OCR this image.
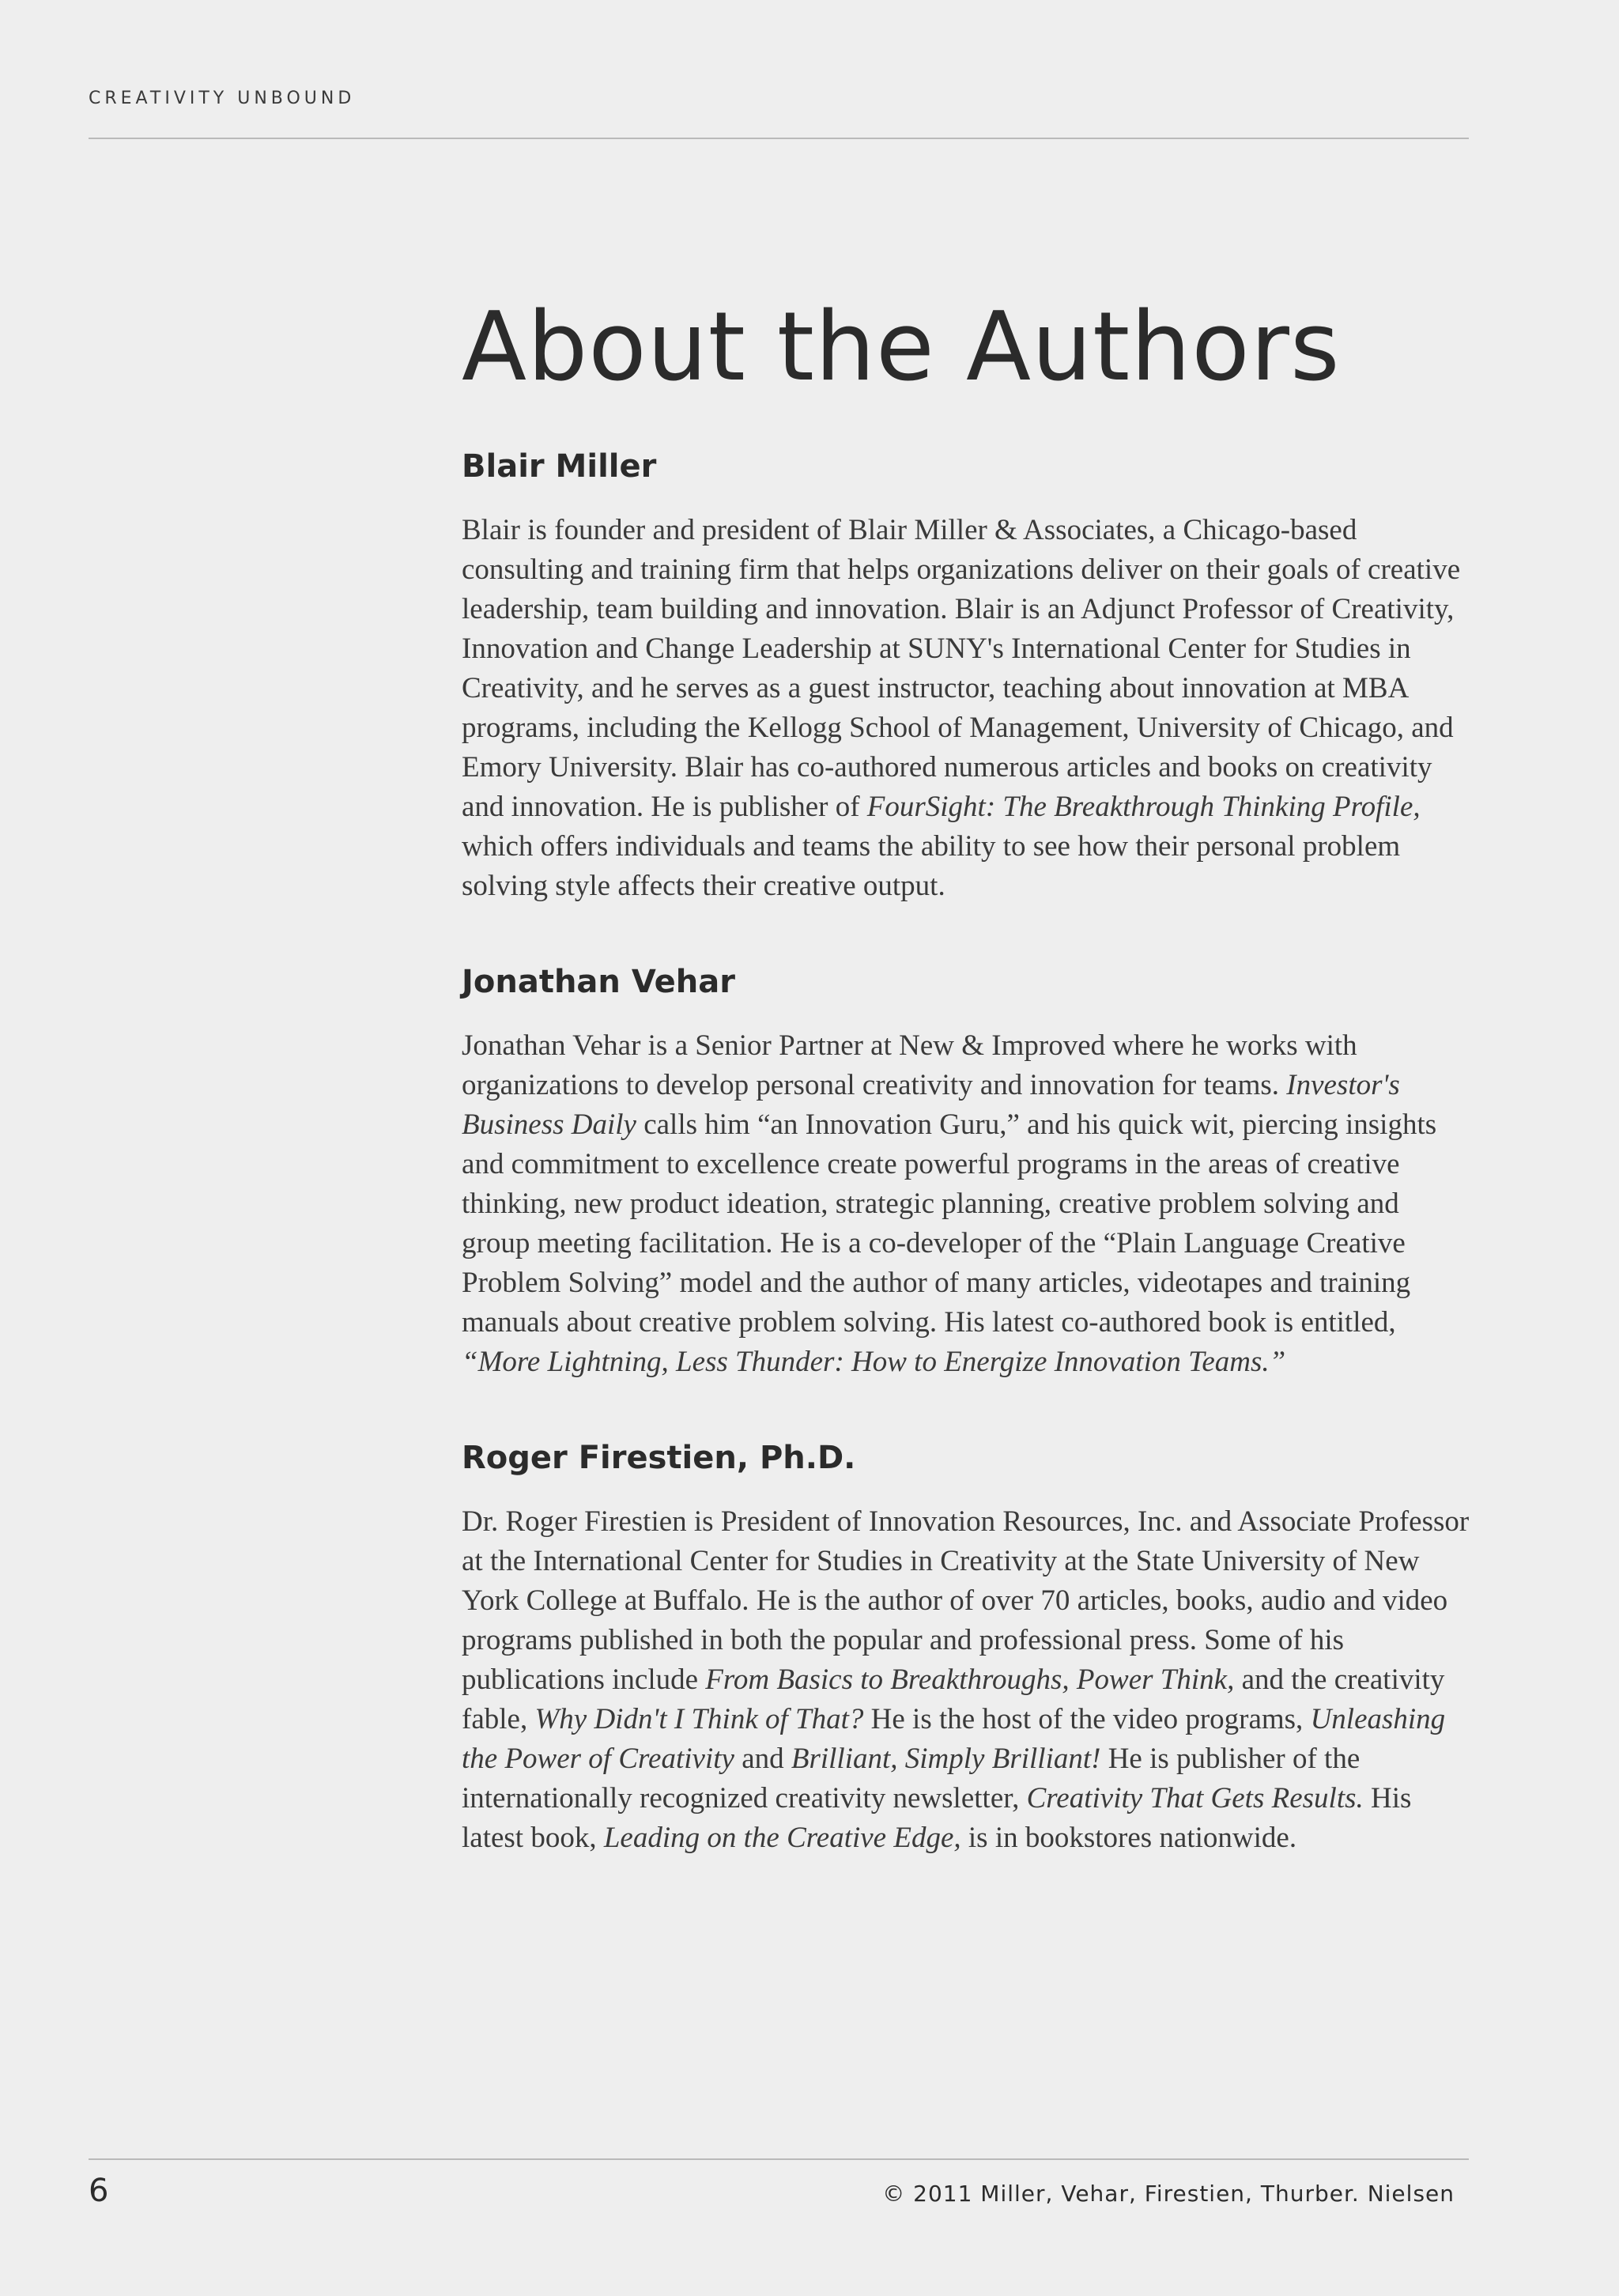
CREATIVITY UNBOUND
About the Authors
Blair Miller

Blair is founder and president of Blair Miller & Associates, a Chicago-based consulting and training firm that helps organizations deliver on their goals of creative leadership, team building and innovation. Blair is an Adjunct Professor of Creativity, Innovation and Change Leadership at SUNY's International Center for Studies in Creativity, and he serves as a guest instructor, teaching about innovation at MBA programs, including the Kellogg School of Management, University of Chicago, and Emory University. Blair has co-authored numerous articles and books on creativity and innovation. He is publisher of FourSight: The Breakthrough Thinking Profile, which offers individuals and teams the ability to see how their personal problem solving style affects their creative output.

Jonathan Vehar

Jonathan Vehar is a Senior Partner at New & Improved where he works with organizations to develop personal creativity and innovation for teams. Investor's Business Daily calls him “an Innovation Guru,” and his quick wit, piercing insights and commitment to excellence create powerful programs in the areas of creative thinking, new product ideation, strategic planning, creative problem solving and group meeting facilitation. He is a co-developer of the “Plain Language Creative Problem Solving” model and the author of many articles, videotapes and training manuals about creative problem solving. His latest co-authored book is entitled, “More Lightning, Less Thunder: How to Energize Innovation Teams.”

Roger Firestien, Ph.D.

Dr. Roger Firestien is President of Innovation Resources, Inc. and Associate Professor at the International Center for Studies in Creativity at the State University of New York College at Buffalo. He is the author of over 70 articles, books, audio and video programs published in both the popular and professional press. Some of his publications include From Basics to Breakthroughs, Power Think, and the creativity fable, Why Didn't I Think of That? He is the host of the video programs, Unleashing the Power of Creativity and Brilliant, Simply Brilliant! He is publisher of the internationally recognized creativity newsletter, Creativity That Gets Results. His latest book, Leading on the Creative Edge, is in bookstores nationwide.

6	© 2011 Miller, Vehar, Firestien, Thurber. Nielsen
